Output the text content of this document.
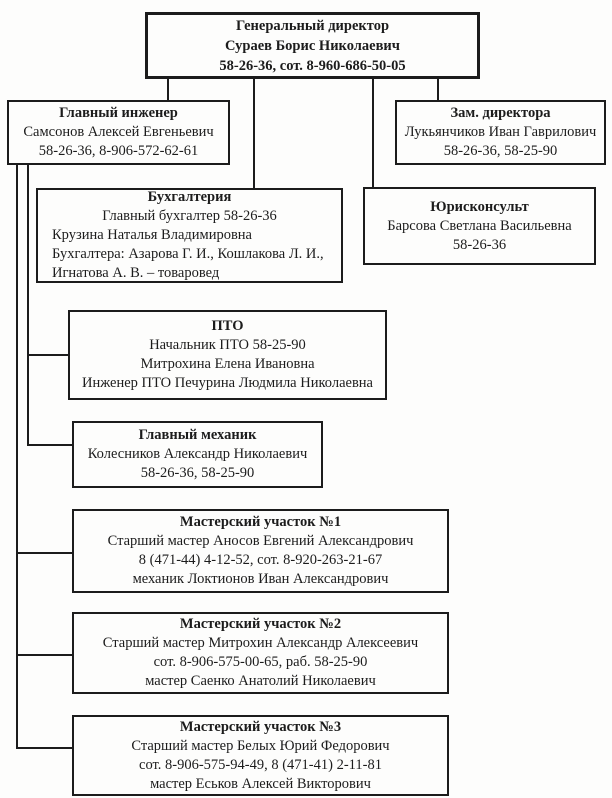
Генеральный директор
Сураев Борис Николаевич
58-26-36, сот. 8-960-686-50-05
Главный инженер
Самсонов Алексей Евгеньевич
58-26-36, 8-906-572-62-61
Зам. директора
Лукьянчиков Иван Гаврилович
58-26-36, 58-25-90
Бухгалтерия
Главный бухгалтер 58-26-36
Крузина Наталья Владимировна
Бухгалтера: Азарова Г. И., Кошлакова Л. И.,
Игнатова А. В. – товаровед
Юрисконсульт
Барсова Светлана Васильевна
58-26-36
ПТО
Начальник ПТО 58-25-90
Митрохина Елена Ивановна
Инженер ПТО Печурина Людмила Николаевна
Главный механик
Колесников Александр Николаевич
58-26-36, 58-25-90
Мастерский участок №1
Старший мастер Аносов Евгений Александрович
8 (471-44) 4-12-52, сот. 8-920-263-21-67
механик Локтионов Иван Александрович
Мастерский участок №2
Старший мастер Митрохин Александр Алексеевич
сот. 8-906-575-00-65, раб. 58-25-90
мастер Саенко Анатолий Николаевич
Мастерский участок №3
Старший мастер Белых Юрий Федорович
сот. 8-906-575-94-49, 8 (471-41) 2-11-81
мастер Еськов Алексей Викторович
